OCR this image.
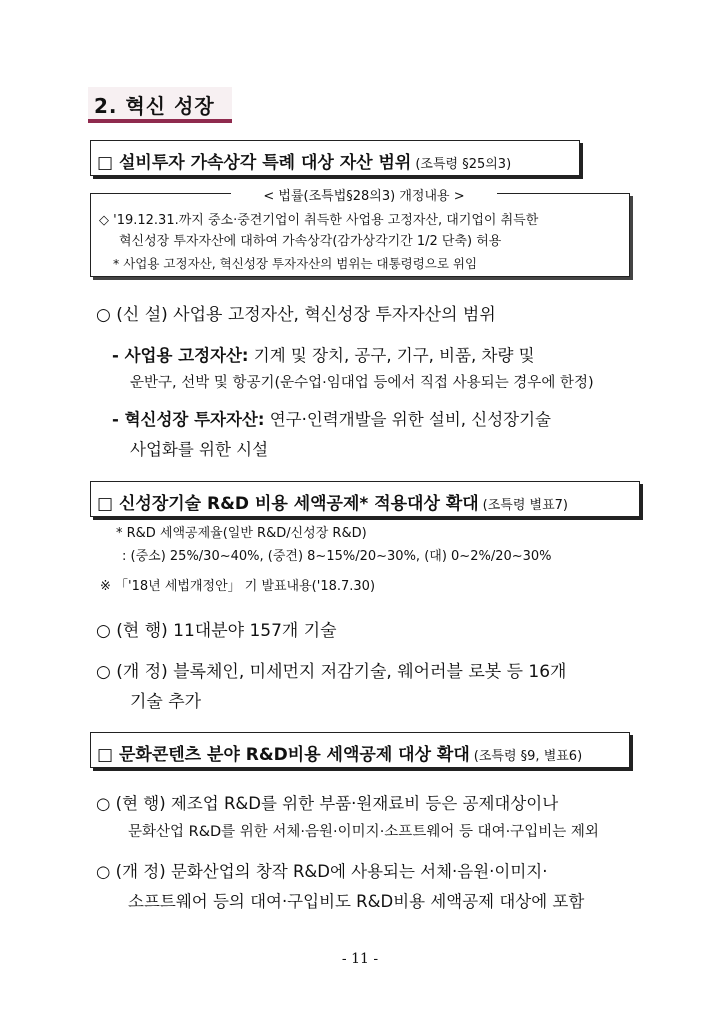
2. 혁신 성장
□ 설비투자 가속상각 특례 대상 자산 범위 (조특령 §25의3)
< 법률(조특법§28의3) 개정내용 >
◇ '19.12.31.까지 중소·중견기업이 취득한 사업용 고정자산, 대기업이 취득한
혁신성장 투자자산에 대하여 가속상각(감가상각기간 1/2 단축) 허용
* 사업용 고정자산, 혁신성장 투자자산의 범위는 대통령령으로 위임
○ (신 설) 사업용 고정자산, 혁신성장 투자자산의 범위
- 사업용 고정자산: 기계 및 장치, 공구, 기구, 비품, 차량 및
운반구, 선박 및 항공기(운수업·임대업 등에서 직접 사용되는 경우에 한정)
- 혁신성장 투자자산: 연구·인력개발을 위한 설비, 신성장기술
사업화를 위한 시설
□ 신성장기술 R&D 비용 세액공제* 적용대상 확대 (조특령 별표7)
* R&D 세액공제율(일반 R&D/신성장 R&D)
: (중소) 25%/30~40%, (중견) 8~15%/20~30%, (대) 0~2%/20~30%
※ 「'18년 세법개정안」 기 발표내용('18.7.30)
○ (현 행) 11대분야 157개 기술
○ (개 정) 블록체인, 미세먼지 저감기술, 웨어러블 로봇 등 16개
기술 추가
□ 문화콘텐츠 분야 R&D비용 세액공제 대상 확대 (조특령 §9, 별표6)
○ (현 행) 제조업 R&D를 위한 부품·원재료비 등은 공제대상이나
문화산업 R&D를 위한 서체·음원·이미지·소프트웨어 등 대여·구입비는 제외
○ (개 정) 문화산업의 창작 R&D에 사용되는 서체·음원·이미지·
소프트웨어 등의 대여·구입비도 R&D비용 세액공제 대상에 포함
- 11 -
